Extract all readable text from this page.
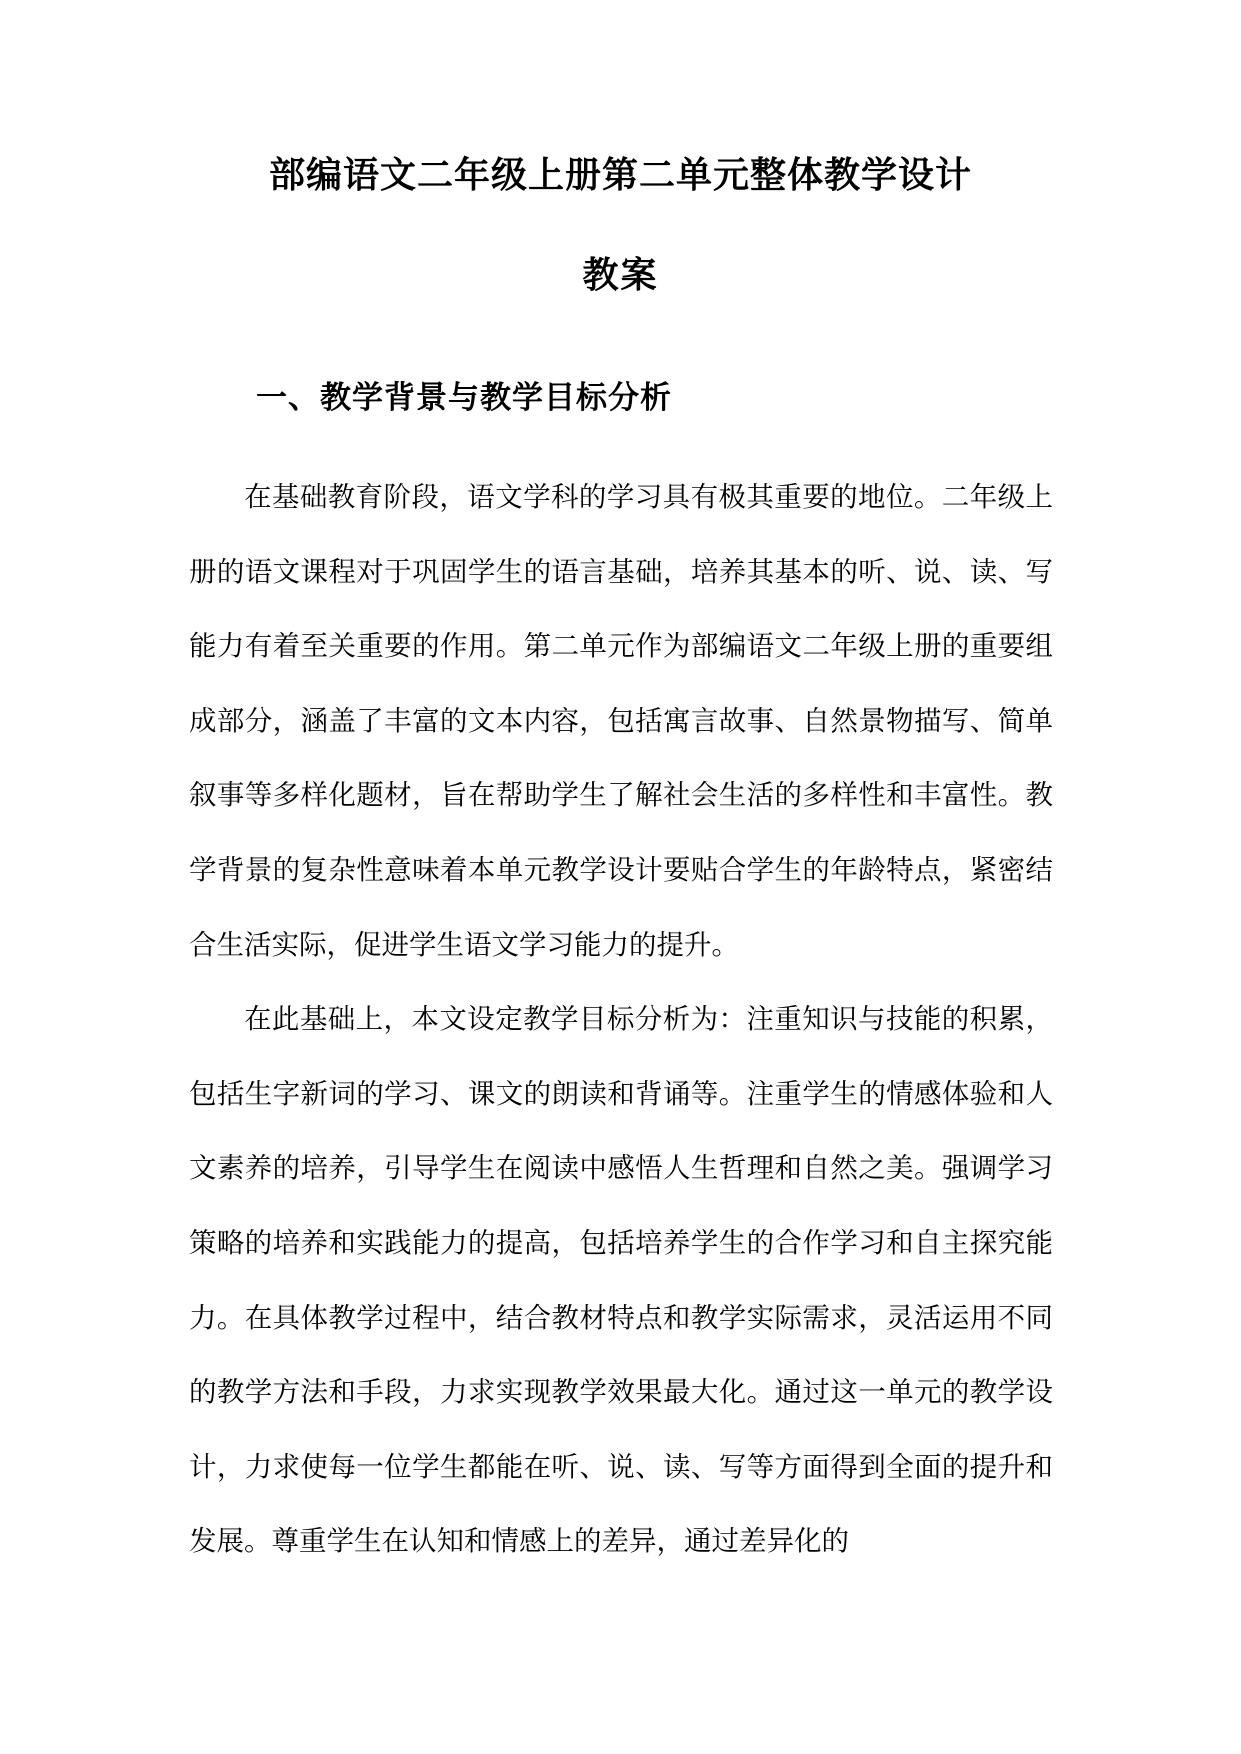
部编语文二年级上册第二单元整体教学设计
教案
一、教学背景与教学目标分析

在基础教育阶段，语文学科的学习具有极其重要的地位。二年级上册的语文课程对于巩固学生的语言基础，培养其基本的听、说、读、写能力有着至关重要的作用。第二单元作为部编语文二年级上册的重要组成部分，涵盖了丰富的文本内容，包括寓言故事、自然景物描写、简单叙事等多样化题材，旨在帮助学生了解社会生活的多样性和丰富性。教学背景的复杂性意味着本单元教学设计要贴合学生的年龄特点，紧密结合生活实际，促进学生语文学习能力的提升。

在此基础上，本文设定教学目标分析为：注重知识与技能的积累，包括生字新词的学习、课文的朗读和背诵等。注重学生的情感体验和人文素养的培养，引导学生在阅读中感悟人生哲理和自然之美。强调学习策略的培养和实践能力的提高，包括培养学生的合作学习和自主探究能力。在具体教学过程中，结合教材特点和教学实际需求，灵活运用不同的教学方法和手段，力求实现教学效果最大化。通过这一单元的教学设计，力求使每一位学生都能在听、说、读、写等方面得到全面的提升和发展。尊重学生在认知和情感上的差异，通过差异化的
